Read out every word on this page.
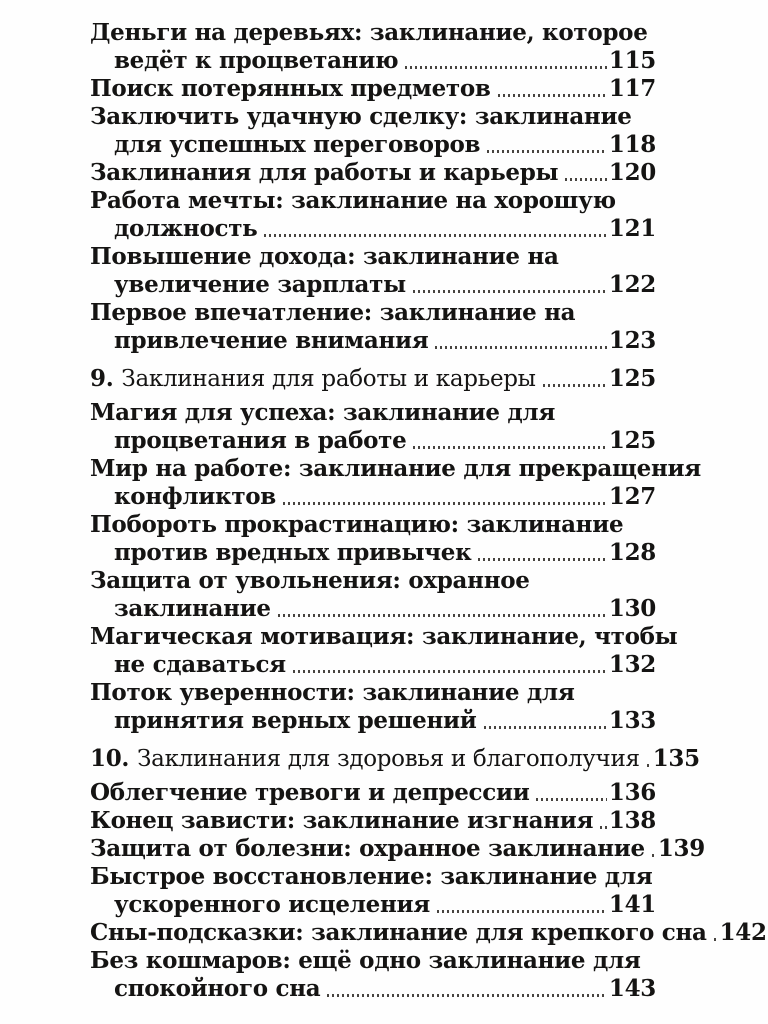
Деньги на деревьях: заклинание, которое
ведёт к процветанию	115
Поиск потерянных предметов	117
Заключить удачную сделку: заклинание
для успешных переговоров	118
Заклинания для работы и карьеры 120
Работа мечты: заклинание на хорошую
должность	121
Повышение дохода: заклинание на
увеличение зарплаты	122
Первое впечатление: заклинание на
привлечение внимания	123
9. Заклинания для работы и карьеры	125
Магия для успеха: заклинание для
процветания в работе	125
Мир на работе: заклинание для прекращения
конфликтов	127
Побороть прокрастинацию: заклинание
против вредных привычек	128
Защита от увольнения: охранное
заклинание	130
Магическая мотивация: заклинание, чтобы
не сдаваться	132
Поток уверенности: заклинание для
принятия верных решений	133
10. Заклинания для здоровья и благополучия 135
Облегчение тревоги и депрессии	136
Конец зависти: заклинание изгнания 138
Защита от болезни: охранное заклинание 139
Быстрое восстановление: заклинание для
ускоренного исцеления	141
Сны-подсказки: заклинание для крепкого сна 142
Без кошмаров: ещё одно заклинание для
спокойного сна	143
